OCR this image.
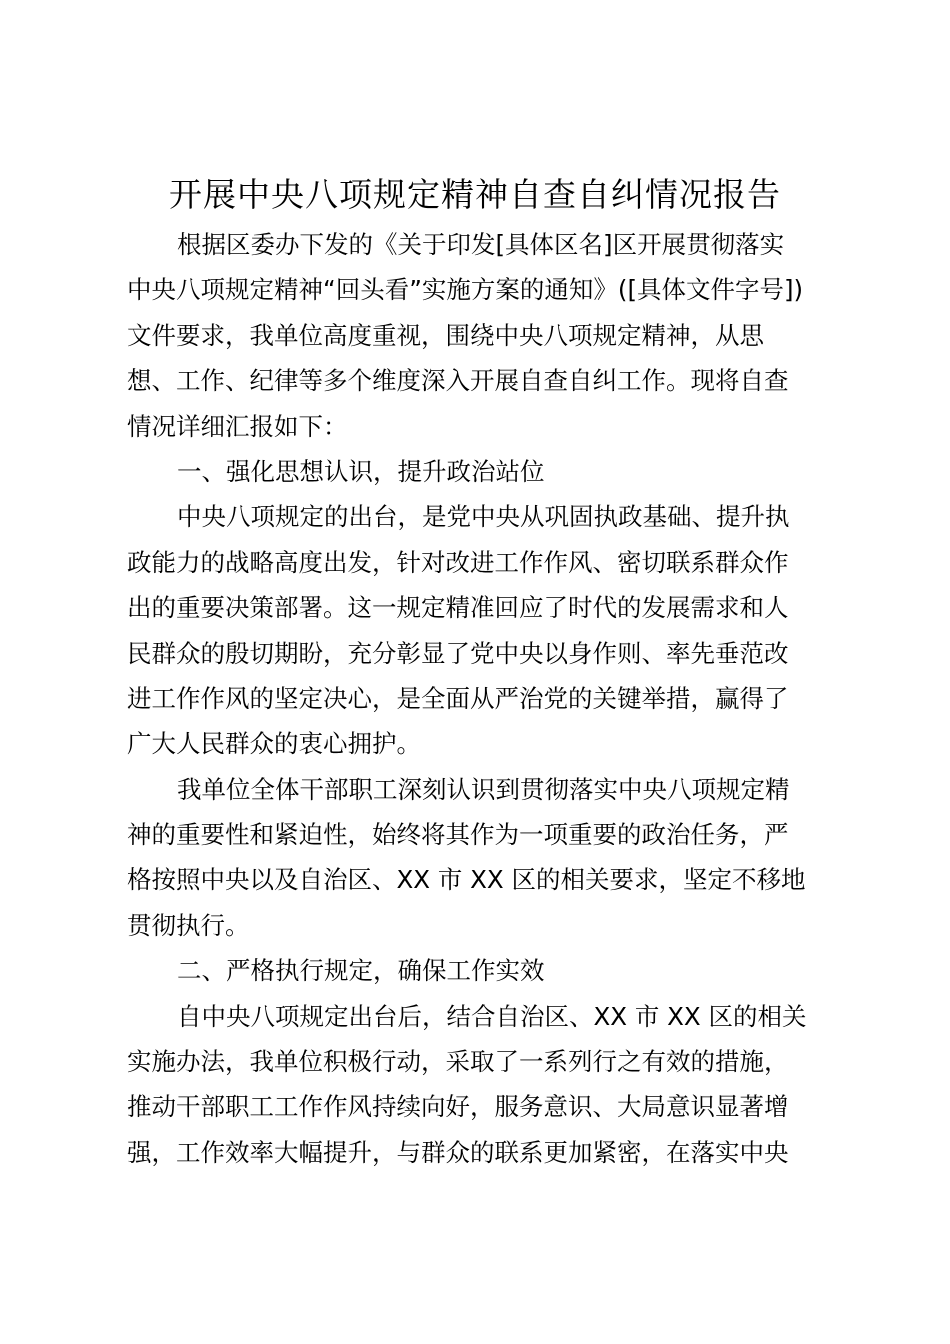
开展中央八项规定精神自查自纠情况报告
根据区委办下发的《关于印发[具体区名]区开展贯彻落实
中央八项规定精神“回头看”实施方案的通知》([具体文件字号])
文件要求，我单位高度重视，围绕中央八项规定精神，从思
想、工作、纪律等多个维度深入开展自查自纠工作。现将自查
情况详细汇报如下：
一、强化思想认识，提升政治站位
中央八项规定的出台，是党中央从巩固执政基础、提升执
政能力的战略高度出发，针对改进工作作风、密切联系群众作
出的重要决策部署。这一规定精准回应了时代的发展需求和人
民群众的殷切期盼，充分彰显了党中央以身作则、率先垂范改
进工作作风的坚定决心，是全面从严治党的关键举措，赢得了
广大人民群众的衷心拥护。
我单位全体干部职工深刻认识到贯彻落实中央八项规定精
神的重要性和紧迫性，始终将其作为一项重要的政治任务，严
格按照中央以及自治区、XX 市 XX 区的相关要求，坚定不移地
贯彻执行。
二、严格执行规定，确保工作实效
自中央八项规定出台后，结合自治区、XX 市 XX 区的相关
实施办法，我单位积极行动，采取了一系列行之有效的措施，
推动干部职工工作作风持续向好，服务意识、大局意识显著增
强，工作效率大幅提升，与群众的联系更加紧密，在落实中央
